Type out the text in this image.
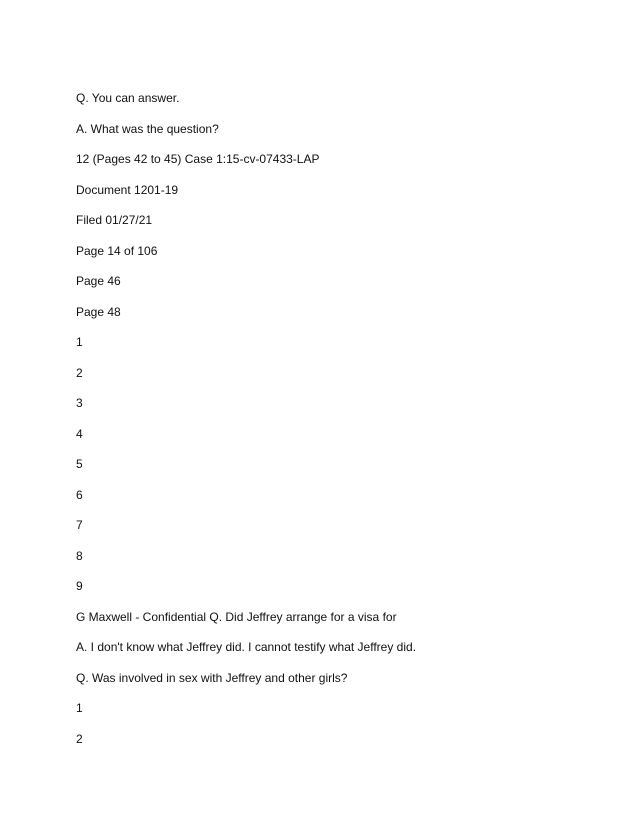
Q. You can answer.
A. What was the question?
12 (Pages 42 to 45) Case 1:15-cv-07433-LAP
Document 1201-19
Filed 01/27/21
Page 14 of 106
Page 46
Page 48
1
2
3
4
5
6
7
8
9
G Maxwell - Confidential Q. Did Jeffrey arrange for a visa for
A. I don't know what Jeffrey did. I cannot testify what Jeffrey did.
Q. Was involved in sex with Jeffrey and other girls?
1
2
